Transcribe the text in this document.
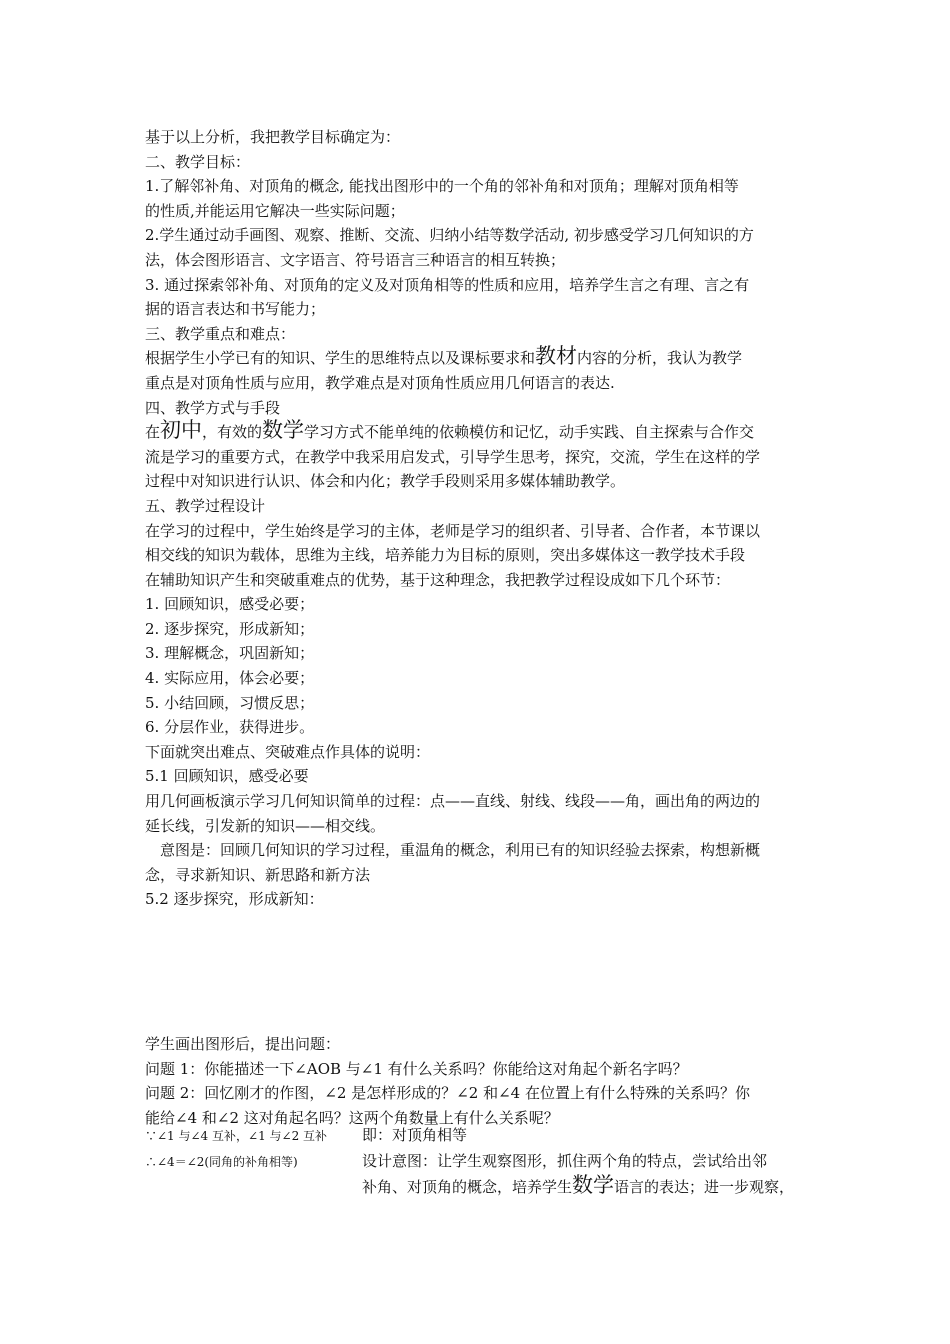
基于以上分析，我把教学目标确定为：
二、教学目标：
1.了解邻补角、对顶角的概念, 能找出图形中的一个角的邻补角和对顶角；理解对顶角相等
的性质,并能运用它解决一些实际问题；
2.学生通过动手画图、观察、推断、交流、归纳小结等数学活动, 初步感受学习几何知识的方
法，体会图形语言、文字语言、符号语言三种语言的相互转换；
3. 通过探索邻补角、对顶角的定义及对顶角相等的性质和应用，培养学生言之有理、言之有
据的语言表达和书写能力；
三、教学重点和难点：
根据学生小学已有的知识、学生的思维特点以及课标要求和教材内容的分析，我认为教学
重点是对顶角性质与应用，教学难点是对顶角性质应用几何语言的表达.
四、教学方式与手段
在初中，有效的数学学习方式不能单纯的依赖模仿和记忆，动手实践、自主探索与合作交
流是学习的重要方式，在教学中我采用启发式，引导学生思考，探究，交流，学生在这样的学
过程中对知识进行认识、体会和内化；教学手段则采用多媒体辅助教学。
五、教学过程设计
在学习的过程中，学生始终是学习的主体，老师是学习的组织者、引导者、合作者，本节课以
相交线的知识为载体，思维为主线，培养能力为目标的原则，突出多媒体这一教学技术手段
在辅助知识产生和突破重难点的优势，基于这种理念，我把教学过程设成如下几个环节：
1. 回顾知识，感受必要；
2. 逐步探究，形成新知；
3. 理解概念，巩固新知；
4. 实际应用，体会必要；
5. 小结回顾，习惯反思；
6. 分层作业，获得进步。
下面就突出难点、突破难点作具体的说明：
5.1 回顾知识，感受必要
用几何画板演示学习几何知识简单的过程：点——直线、射线、线段——角，画出角的两边的
延长线，引发新的知识——相交线。
　意图是：回顾几何知识的学习过程，重温角的概念，利用已有的知识经验去探索，构想新概
念，寻求新知识、新思路和新方法
5.2 逐步探究，形成新知：
学生画出图形后，提出问题：
问题 1：你能描述一下∠AOB 与∠1 有什么关系吗？你能给这对角起个新名字吗？
问题 2：回忆刚才的作图，∠2 是怎样形成的？∠2 和∠4 在位置上有什么特殊的关系吗？你
能给∠4 和∠2 这对角起名吗？这两个角数量上有什么关系呢？
∵∠1 与∠4 互补，∠1 与∠2 互补
∴∠4＝∠2(同角的补角相等)
即：对顶角相等
设计意图：让学生观察图形，抓住两个角的特点，尝试给出邻
补角、对顶角的概念，培养学生数学语言的表达；进一步观察，
